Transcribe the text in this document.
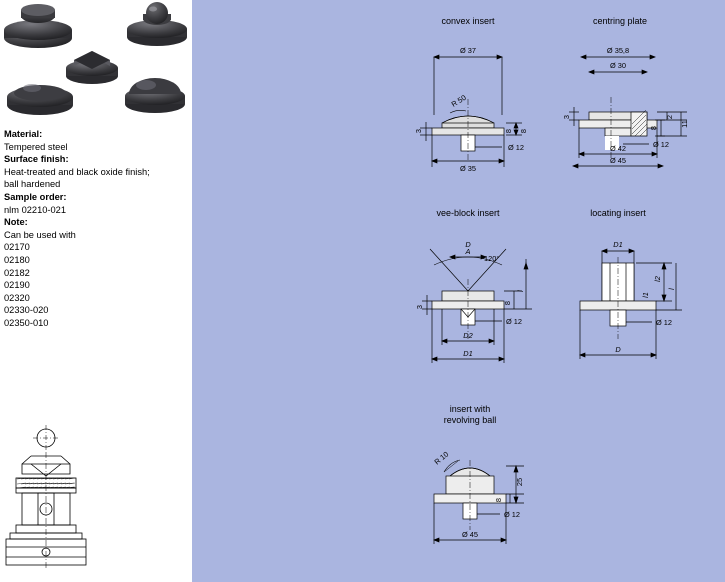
Material:
Tempered steel
Surface finish:
Heat-treated and black oxide finish;
ball hardened
Sample order:
nlm 02210-021
Note:
Can be used with
02170
02180
02182
02190
02320
02330-020
02350-010
convex insert
Ø 37
R 50
3	8 8
Ø 12
Ø 35
centring plate
Ø 35,8
Ø 30
3	2
11
8
Ø 12
Ø 42
Ø 45
vee-block insert
D
120°
A
3
8
l
Ø 12
D2
D1
locating insert
D1
l2
l1
l
Ø 12
D
insert with
revolving ball
R 10
25
8
Ø 12
Ø 45
